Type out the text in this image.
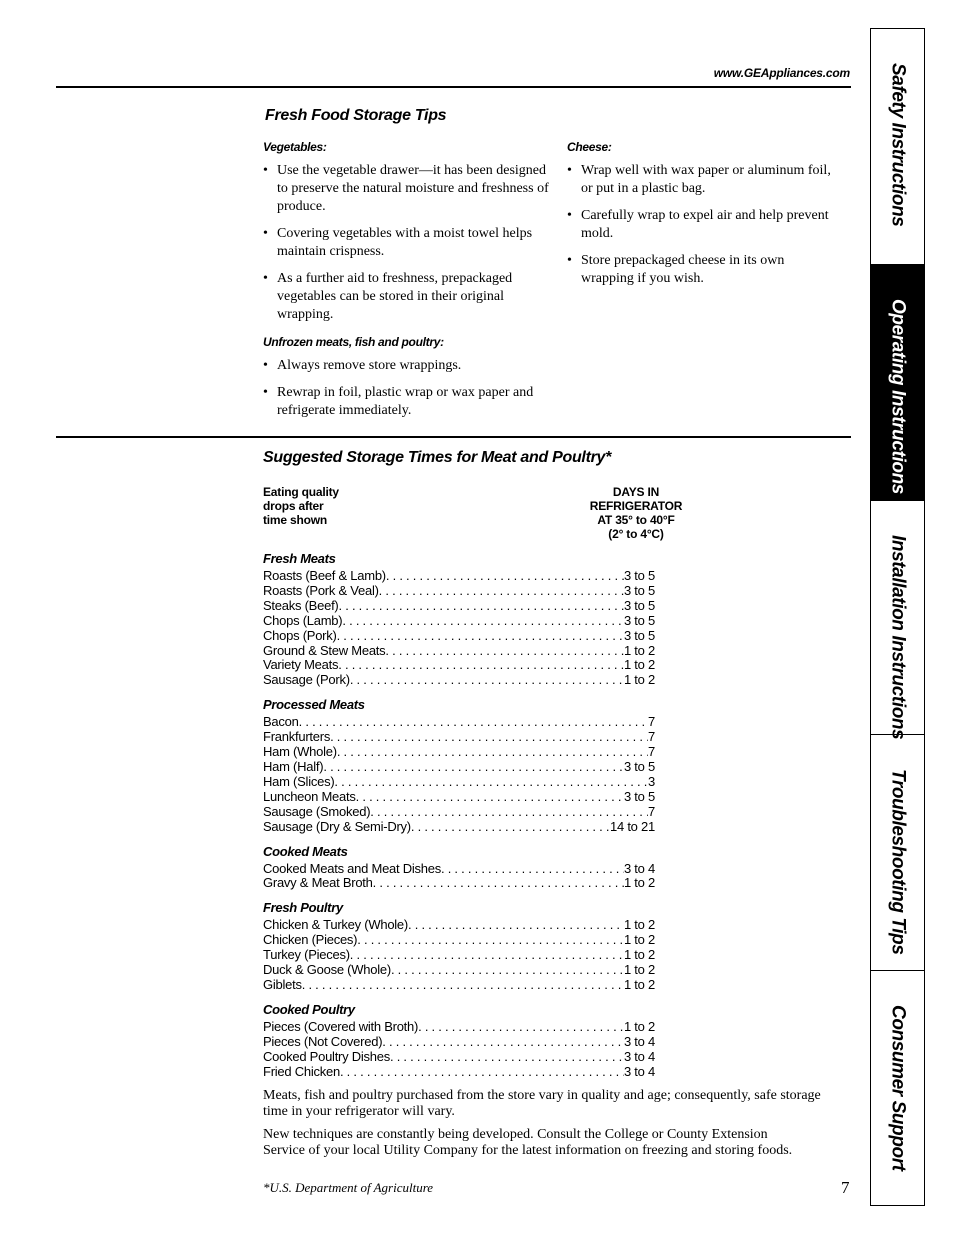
www.GEAppliances.com
Fresh Food Storage Tips
Vegetables:
• Use the vegetable drawer—it has been designed to preserve the natural moisture and freshness of produce.
• Covering vegetables with a moist towel helps maintain crispness.
• As a further aid to freshness, prepackaged vegetables can be stored in their original wrapping.
Unfrozen meats, fish and poultry:
• Always remove store wrappings.
• Rewrap in foil, plastic wrap or wax paper and refrigerate immediately.
Cheese:
• Wrap well with wax paper or aluminum foil, or put in a plastic bag.
• Carefully wrap to expel air and help prevent mold.
• Store prepackaged cheese in its own wrapping if you wish.
Suggested Storage Times for Meat and Poultry*
Eating quality
drops after
time shown
DAYS IN
REFRIGERATOR
AT 35° to 40°F
(2° to 4°C)
Fresh Meats
Roasts (Beef & Lamb) . . .	3 to 5
Roasts (Pork & Veal) . . .	3 to 5
Steaks (Beef) . . .	3 to 5
Chops (Lamb) . . .	3 to 5
Chops (Pork) . . .	3 to 5
Ground & Stew Meats . . .	1 to 2
Variety Meats . . .	1 to 2
Sausage (Pork) . . .	1 to 2
Processed Meats
Bacon . . .	7
Frankfurters . . .	7
Ham (Whole) . . .	7
Ham (Half) . . .	3 to 5
Ham (Slices) . . .	3
Luncheon Meats . . .	3 to 5
Sausage (Smoked) . . .	7
Sausage (Dry & Semi-Dry) . . .	14 to 21
Cooked Meats
Cooked Meats and Meat Dishes . . .	3 to 4
Gravy & Meat Broth . . .	1 to 2
Fresh Poultry
Chicken & Turkey (Whole) . . .	1 to 2
Chicken (Pieces) . . .	1 to 2
Turkey (Pieces) . . .	1 to 2
Duck & Goose (Whole) . . .	1 to 2
Giblets . . .	1 to 2
Cooked Poultry
Pieces (Covered with Broth) . . .	1 to 2
Pieces (Not Covered) . . .	3 to 4
Cooked Poultry Dishes . . .	3 to 4
Fried Chicken . . .	3 to 4
Meats, fish and poultry purchased from the store vary in quality and age; consequently, safe storage time in your refrigerator will vary.
New techniques are constantly being developed. Consult the College or County Extension Service of your local Utility Company for the latest information on freezing and storing foods.
*U.S. Department of Agriculture	7
Safety Instructions
Operating Instructions
Installation Instructions
Troubleshooting Tips
Consumer Support
